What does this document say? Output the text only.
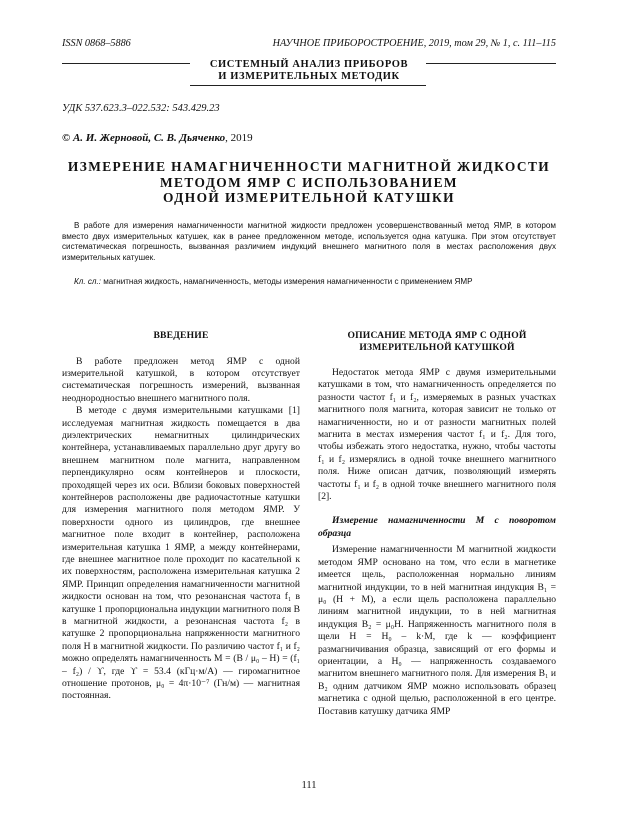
ISSN 0868–5886	НАУЧНОЕ ПРИБОРОСТРОЕНИЕ, 2019, том 29, № 1, c. 111–115
СИСТЕМНЫЙ АНАЛИЗ ПРИБОРОВ
И ИЗМЕРИТЕЛЬНЫХ МЕТОДИК
УДК 537.623.3–022.532: 543.429.23
© А. И. Жерновой, С. В. Дьяченко, 2019
ИЗМЕРЕНИЕ НАМАГНИЧЕННОСТИ МАГНИТНОЙ ЖИДКОСТИ
МЕТОДОМ ЯМР С ИСПОЛЬЗОВАНИЕМ
ОДНОЙ ИЗМЕРИТЕЛЬНОЙ КАТУШКИ

В работе для измерения намагниченности магнитной жидкости предложен усовершенствованный метод ЯМР, в котором вместо двух измерительных катушек, как в ранее предложенном методе, используется одна катушка. При этом отсутствует систематическая погрешность, вызванная различием индукций внешнего магнитного поля в местах расположения двух измерительных катушек.

Кл. сл.: магнитная жидкость, намагниченность, методы измерения намагниченности с применением ЯМР

ВВЕДЕНИЕ

В работе предложен метод ЯМР с одной измерительной катушкой, в котором отсутствует систематическая погрешность измерений, вызванная неоднородностью внешнего магнитного поля.

В методе с двумя измерительными катушками [1] исследуемая магнитная жидкость помещается в два диэлектрических немагнитных цилиндрических контейнера, устанавливаемых параллельно друг другу во внешнем магнитном поле магнита, направленном перпендикулярно осям контейнеров и плоскости, проходящей через их оси. Вблизи боковых поверхностей контейнеров расположены две радиочастотные катушки для измерения магнитного поля методом ЯМР. У поверхности одного из цилиндров, где внешнее магнитное поле входит в контейнер, расположена измерительная катушка 1 ЯМР, а между контейнерами, где внешнее магнитное поле проходит по касательной к их поверхностям, расположена измерительная катушка 2 ЯМР. Принцип определения намагниченности магнитной жидкости основан на том, что резонансная частота f₁ в катушке 1 пропорциональна индукции магнитного поля B в магнитной жидкости, а резонансная частота f₂ в катушке 2 пропорциональна напряженности магнитного поля H в магнитной жидкости. По различию частот f₁ и f₂ можно определять намагниченность M = (B / μ₀ – H) = (f₁ – f₂) / ϒ, где ϒ = 53.4 (кГц·м/А) — гиромагнитное отношение протонов, μ₀ = 4π·10⁻⁷ (Гн/м) — магнитная постоянная.

ОПИСАНИЕ МЕТОДА ЯМР С ОДНОЙ
ИЗМЕРИТЕЛЬНОЙ КАТУШКОЙ

Недостаток метода ЯМР с двумя измерительными катушками в том, что намагниченность определяется по разности частот f₁ и f₂, измеряемых в разных участках магнитного поля магнита, которая зависит не только от намагниченности, но и от разности магнитных полей магнита в местах измерения частот f₁ и f₂. Для того, чтобы избежать этого недостатка, нужно, чтобы частоты f₁ и f₂ измерялись в одной точке внешнего магнитного поля. Ниже описан датчик, позволяющий измерять частоты f₁ и f₂ в одной точке внешнего магнитного поля [2].

Измерение намагниченности M с поворотом образца

Измерение намагниченности M магнитной жидкости методом ЯМР основано на том, что если в магнетике имеется щель, расположенная нормально линиям магнитной индукции, то в ней магнитная индукция B₁ = μ₀ (H + M), а если щель расположена параллельно линиям магнитной индукции, то в ней магнитная индукция B₂ = μ₀H. Напряженность магнитного поля в щели H = H₀ – k·M, где k — коэффициент размагничивания образца, зависящий от его формы и ориентации, а H₀ — напряженность создаваемого магнитом внешнего магнитного поля. Для измерения B₁ и B₂ одним датчиком ЯМР можно использовать образец магнетика с одной щелью, расположенной в его центре. Поставив катушку датчика ЯМР

111
